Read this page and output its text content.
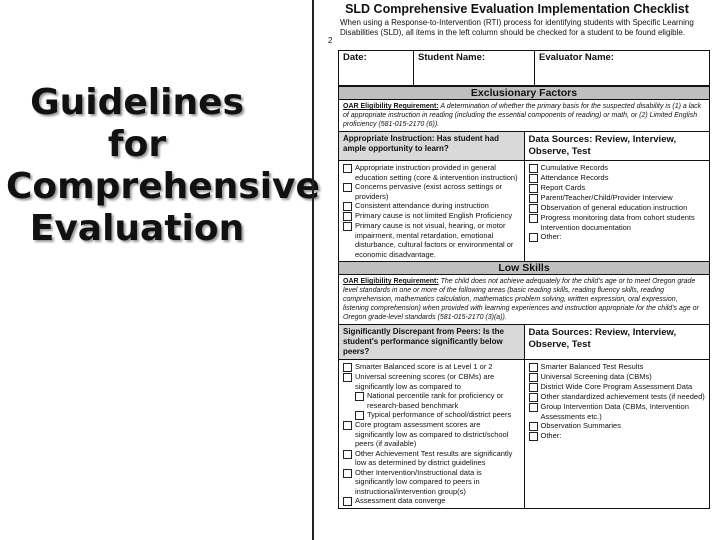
Guidelines for Comprehensive Evaluation
SLD Comprehensive Evaluation Implementation Checklist
When using a Response-to-Intervention (RTI) process for identifying students with Specific Learning Disabilities (SLD), all items in the left column should be checked for a student to be found eligible.
2
Date:	Student Name:	Evaluator Name:
Exclusionary Factors
OAR Eligibility Requirement: A determination of whether the primary basis for the suspected disability is (1) a lack of appropriate instruction in reading (including the essential components of reading) or math, or (2) Limited English proficiency (581-015-2170 (6)).
Appropriate Instruction: Has student had ample opportunity to learn?
Data Sources: Review, Interview, Observe, Test
Appropriate instruction provided in general education setting (core & intervention instruction)
Concerns pervasive (exist across settings or providers)
Consistent attendance during instruction
Primary cause is not limited English Proficiency
Primary cause is not visual, hearing, or motor impairment, mental retardation, emotional disturbance, cultural factors or environmental or economic disadvantage.
Cumulative Records
Attendance Records
Report Cards
Parent/Teacher/Child/Provider Interview
Observation of general education instruction
Progress monitoring data from cohort students Intervention documentation
Other:
Low Skills
OAR Eligibility Requirement: The child does not achieve adequately for the child's age or to meet Oregon grade level standards in one or more of the following areas (basic reading skills, reading fluency skills, reading comprehension, mathematics calculation, mathematics problem solving, written expression, oral expression, listening comprehension) when provided with learning experiences and instruction appropriate for the child's age or Oregon grade-level standards (581-015-2170 (3)(a)).
Significantly Discrepant from Peers: Is the student's performance significantly below peers?
Data Sources: Review, Interview, Observe, Test
Smarter Balanced score is at Level 1 or 2
Universal screening scores (or CBMs) are significantly low as compared to
National percentile rank for proficiency or research-based benchmark
Typical performance of school/district peers
Core program assessment scores are significantly low as compared to district/school peers (if available)
Other Achievement Test results are significantly low as determined by district guidelines
Other Intervention/Instructional data is significantly low compared to peers in instructional/intervention group(s)
Assessment data converge
Smarter Balanced Test Results
Universal Screening data (CBMs)
District Wide Core Program Assessment Data
Other standardized achievement tests (if needed)
Group Intervention Data (CBMs, Intervention Assessments etc.)
Observation Summaries
Other:
